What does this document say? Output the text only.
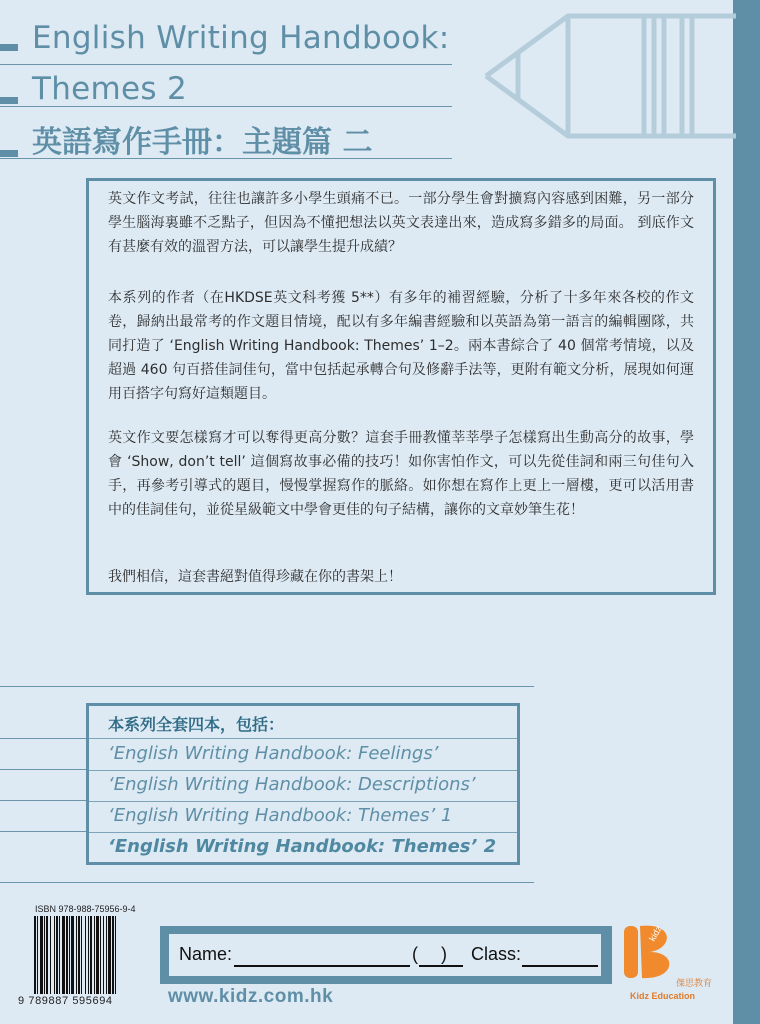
English Writing Handbook:
Themes 2
英語寫作手冊：主題篇 二

英文作文考試，往往也讓許多小學生頭痛不已。一部分學生會對擴寫內容感到困難，另一部分學生腦海裏雖不乏點子，但因為不懂把想法以英文表達出來，造成寫多錯多的局面。 到底作文有甚麼有效的溫習方法，可以讓學生提升成績？

本系列的作者（在HKDSE英文科考獲 5**）有多年的補習經驗，分析了十多年來各校的作文卷，歸納出最常考的作文題目情境，配以有多年編書經驗和以英語為第一語言的編輯團隊，共同打造了 ‘English Writing Handbook: Themes’ 1–2。兩本書綜合了 40 個常考情境，以及超過 460 句百搭佳詞佳句，當中包括起承轉合句及修辭手法等，更附有範文分析，展現如何運用百搭字句寫好這類題目。

英文作文要怎樣寫才可以奪得更高分數？這套手冊教懂莘莘學子怎樣寫出生動高分的故事，學會 ‘Show, don’t tell’ 這個寫故事必備的技巧！如你害怕作文，可以先從佳詞和兩三句佳句入手，再參考引導式的題目，慢慢掌握寫作的脈絡。如你想在寫作上更上一層樓，更可以活用書中的佳詞佳句，並從星級範文中學會更佳的句子結構，讓你的文章妙筆生花！

我們相信，這套書絕對值得珍藏在你的書架上！

本系列全套四本，包括：
‘English Writing Handbook: Feelings’
‘English Writing Handbook: Descriptions’
‘English Writing Handbook: Themes’ 1
‘English Writing Handbook: Themes’ 2
ISBN 978-988-75956-9-4
9 789887 595694
Name:	( ) Class:
www.kidz.com.hk
kidz
傑思教育
Kidz Education
